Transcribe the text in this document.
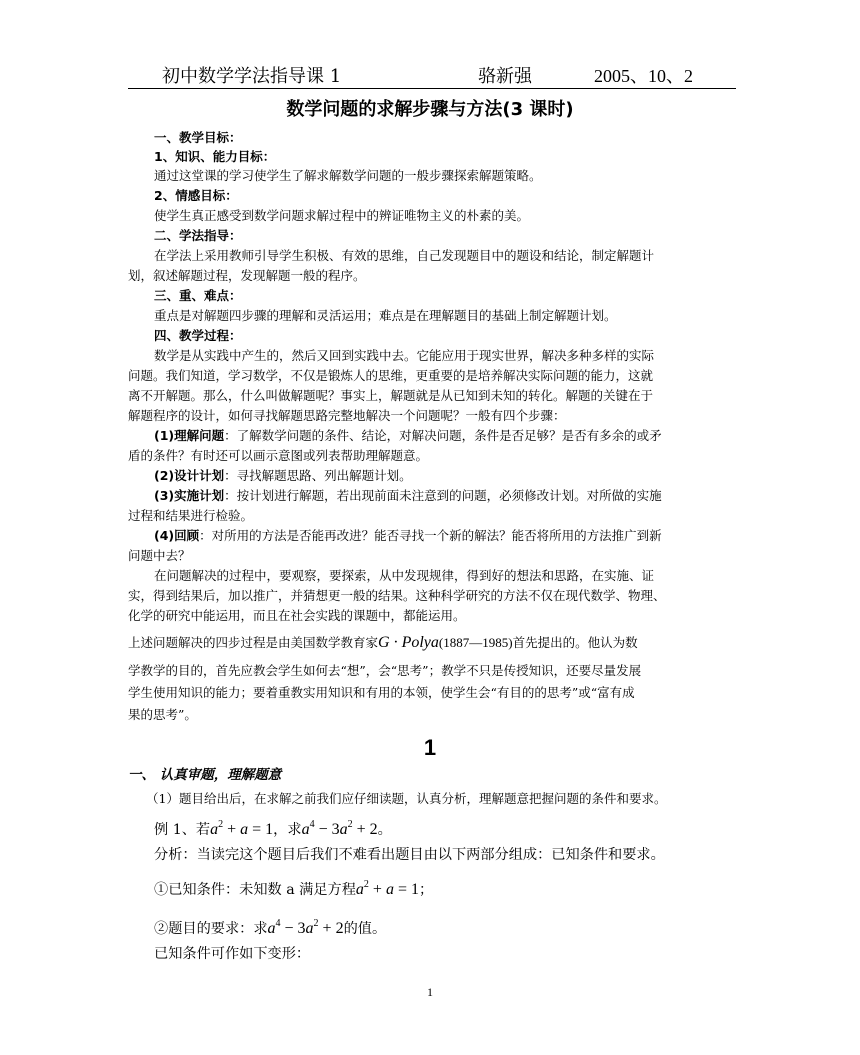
初中数学学法指导课 1	骆新强	2005、10、2
数学问题的求解步骤与方法(3 课时)
一、教学目标：
1、知识、能力目标：
通过这堂课的学习使学生了解求解数学问题的一般步骤探索解题策略。
2、情感目标：
使学生真正感受到数学问题求解过程中的辨证唯物主义的朴素的美。
二、学法指导：
在学法上采用教师引导学生积极、有效的思维，自己发现题目中的题设和结论，制定解题计
划，叙述解题过程，发现解题一般的程序。
三、重、难点：
重点是对解题四步骤的理解和灵活运用；难点是在理解题目的基础上制定解题计划。
四、教学过程：
数学是从实践中产生的，然后又回到实践中去。它能应用于现实世界，解决多种多样的实际
问题。我们知道，学习数学，不仅是锻炼人的思维，更重要的是培养解决实际问题的能力，这就
离不开解题。那么，什么叫做解题呢？事实上，解题就是从已知到未知的转化。解题的关键在于
解题程序的设计，如何寻找解题思路完整地解决一个问题呢？一般有四个步骤：
(1)理解问题：了解数学问题的条件、结论，对解决问题，条件是否足够？是否有多余的或矛
盾的条件？有时还可以画示意图或列表帮助理解题意。
(2)设计计划：寻找解题思路、列出解题计划。
(3)实施计划：按计划进行解题，若出现前面未注意到的问题，必须修改计划。对所做的实施
过程和结果进行检验。
(4)回顾：对所用的方法是否能再改进？能否寻找一个新的解法？能否将所用的方法推广到新
问题中去？
在问题解决的过程中，要观察，要探索，从中发现规律，得到好的想法和思路，在实施、证
实，得到结果后，加以推广，并猜想更一般的结果。这种科学研究的方法不仅在现代数学、物理、
化学的研究中能运用，而且在社会实践的课题中，都能运用。
上述问题解决的四步过程是由美国数学教育家G · Polya(1887—1985)首先提出的。他认为数
学教学的目的，首先应教会学生如何去“想”，会“思考”；教学不只是传授知识，还要尽量发展
学生使用知识的能力；要着重教实用知识和有用的本领，使学生会“有目的的思考”或“富有成
果的思考”。
1
一、 认真审题，理解题意
（1）题目给出后，在求解之前我们应仔细读题，认真分析，理解题意把握问题的条件和要求。
例 1、若$a^2 + a = 1$，求$a^4 - 3a^2 + 2$。
分析：当读完这个题目后我们不难看出题目由以下两部分组成：已知条件和要求。
①已知条件：未知数 a 满足方程$a^2 + a = 1$；
②题目的要求：求$a^4 - 3a^2 + 2$的值。
已知条件可作如下变形：
1
